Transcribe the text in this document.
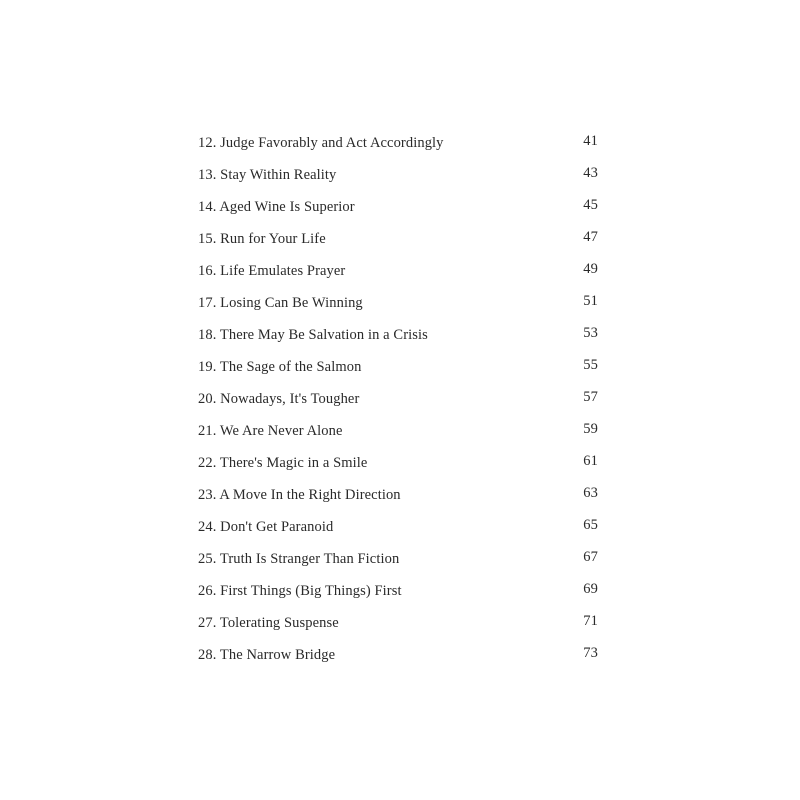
12. Judge Favorably and Act Accordingly	41
13. Stay Within Reality	43
14. Aged Wine Is Superior	45
15. Run for Your Life	47
16. Life Emulates Prayer	49
17. Losing Can Be Winning	51
18. There May Be Salvation in a Crisis	53
19. The Sage of the Salmon	55
20. Nowadays, It's Tougher	57
21. We Are Never Alone	59
22. There's Magic in a Smile	61
23. A Move In the Right Direction	63
24. Don't Get Paranoid	65
25. Truth Is Stranger Than Fiction	67
26. First Things (Big Things) First	69
27. Tolerating Suspense	71
28. The Narrow Bridge	73
